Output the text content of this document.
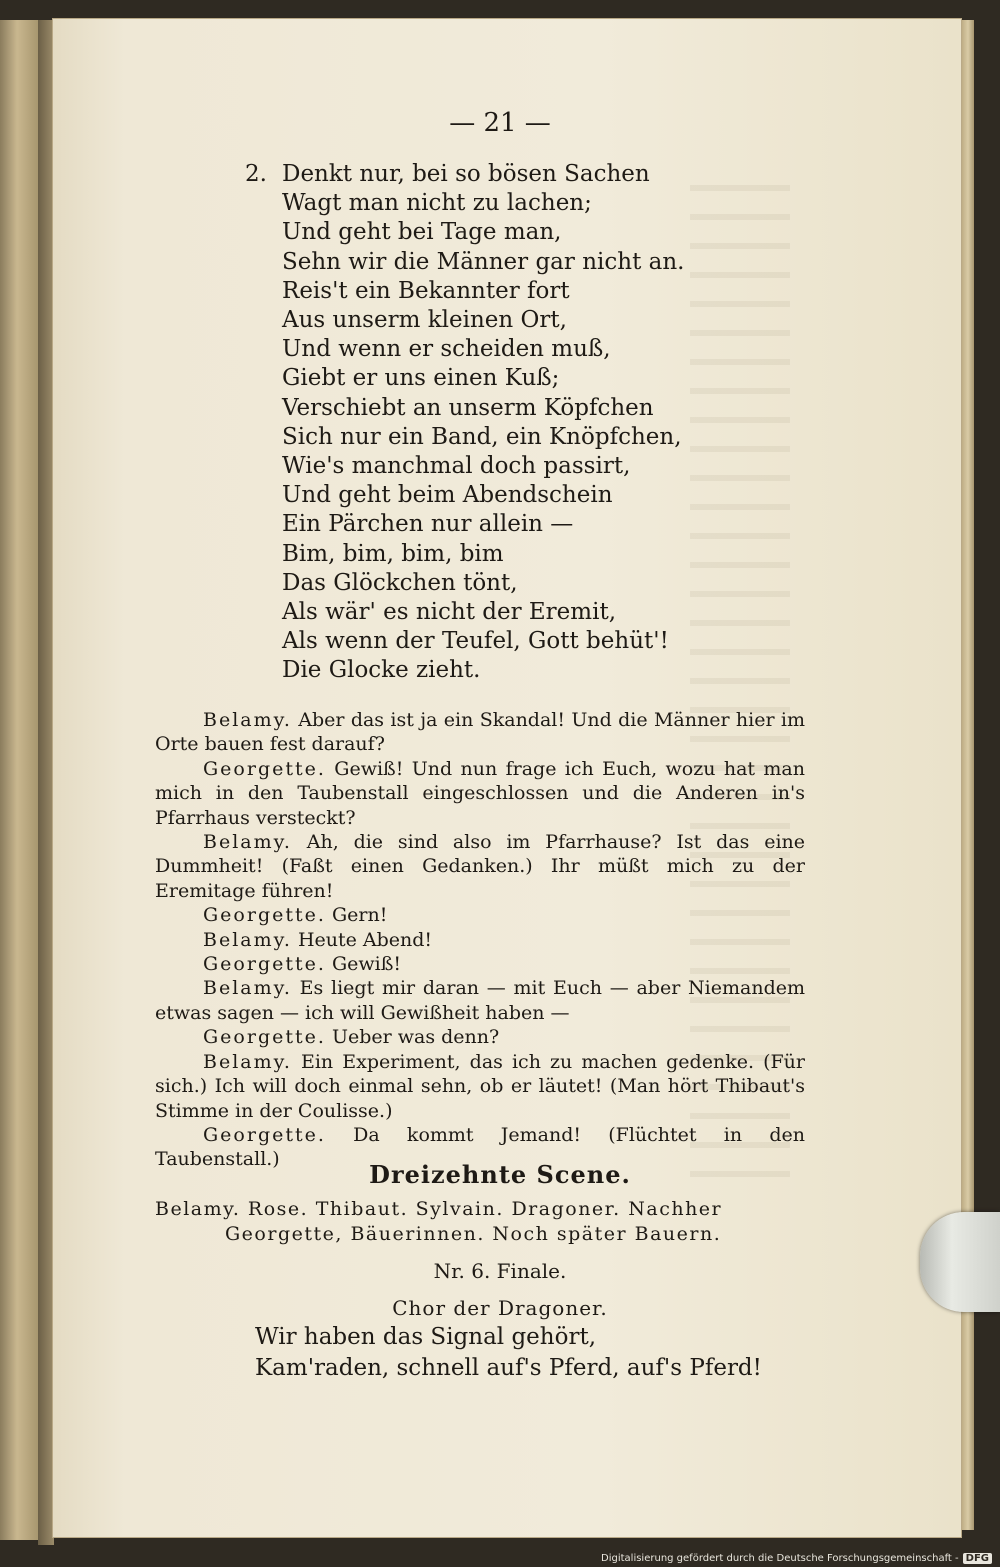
— 21 —
2. Denkt nur, bei so bösen Sachen
Wagt man nicht zu lachen;
Und geht bei Tage man,
Sehn wir die Männer gar nicht an.
Reis't ein Bekannter fort
Aus unserm kleinen Ort,
Und wenn er scheiden muß,
Giebt er uns einen Kuß;
Verschiebt an unserm Köpfchen
Sich nur ein Band, ein Knöpfchen,
Wie's manchmal doch passirt,
Und geht beim Abendschein
Ein Pärchen nur allein —
Bim, bim, bim, bim
Das Glöckchen tönt,
Als wär' es nicht der Eremit,
Als wenn der Teufel, Gott behüt'!
Die Glocke zieht.

Belamy. Aber das ist ja ein Skandal! Und die Männer hier im Orte bauen fest darauf?

Georgette. Gewiß! Und nun frage ich Euch, wozu hat man mich in den Taubenstall eingeschlossen und die Anderen in's Pfarrhaus versteckt?

Belamy. Ah, die sind also im Pfarrhause? Ist das eine Dummheit! (Faßt einen Gedanken.) Ihr müßt mich zu der Eremitage führen!

Georgette. Gern!

Belamy. Heute Abend!

Georgette. Gewiß!

Belamy. Es liegt mir daran — mit Euch — aber Niemandem etwas sagen — ich will Gewißheit haben —

Georgette. Ueber was denn?

Belamy. Ein Experiment, das ich zu machen gedenke. (Für sich.) Ich will doch einmal sehn, ob er läutet! (Man hört Thibaut's Stimme in der Coulisse.)

Georgette. Da kommt Jemand! (Flüchtet in den Taubenstall.)

Dreizehnte Scene.
Belamy. Rose. Thibaut. Sylvain. Dragoner. Nachher
Georgette, Bäuerinnen. Noch später Bauern.
Nr. 6. Finale.
Chor der Dragoner.
Wir haben das Signal gehört,
Kam'raden, schnell auf's Pferd, auf's Pferd!
Digitalisierung gefördert durch die Deutsche Forschungsgemeinschaft - DFG
